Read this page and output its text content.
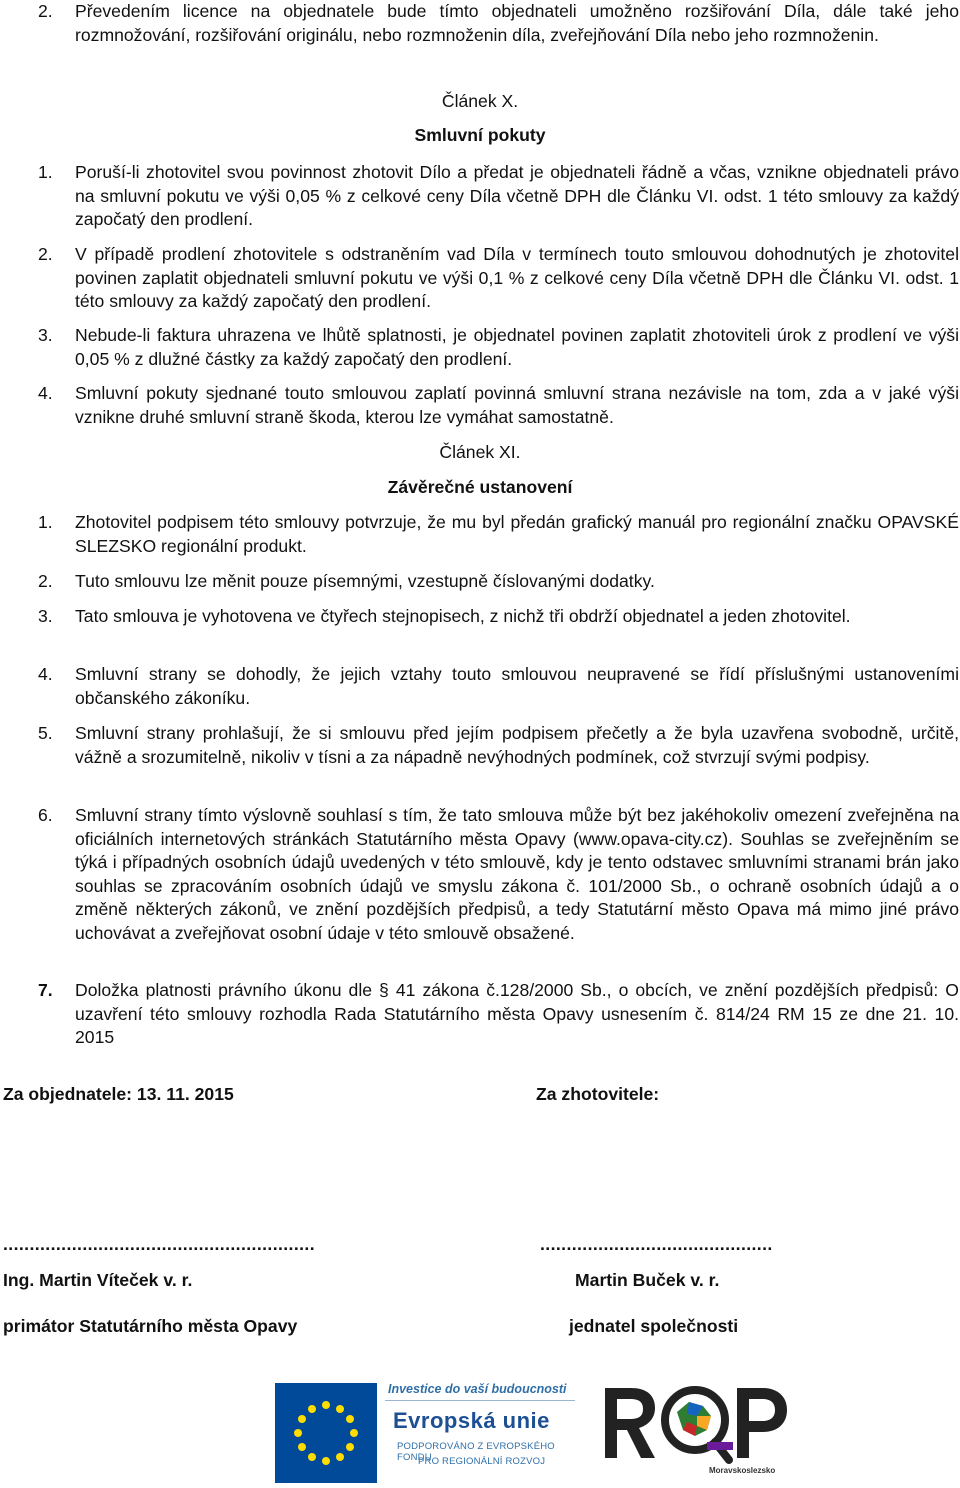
2. Převedením licence na objednatele bude tímto objednateli umožněno rozšiřování Díla, dále také jeho rozmnožování, rozšiřování originálu, nebo rozmnoženin díla, zveřejňování Díla nebo jeho rozmnoženin.
Článek X.
Smluvní pokuty
1. Poruší-li zhotovitel svou povinnost zhotovit Dílo a předat je objednateli řádně a včas, vznikne objednateli právo na smluvní pokutu ve výši 0,05 % z celkové ceny Díla včetně DPH dle Článku VI. odst. 1 této smlouvy za každý započatý den prodlení.
2. V případě prodlení zhotovitele s odstraněním vad Díla v termínech touto smlouvou dohodnutých je zhotovitel povinen zaplatit objednateli smluvní pokutu ve výši 0,1 % z celkové ceny Díla včetně DPH dle Článku VI. odst. 1 této smlouvy za každý započatý den prodlení.
3. Nebude-li faktura uhrazena ve lhůtě splatnosti, je objednatel povinen zaplatit zhotoviteli úrok z prodlení ve výši 0,05 % z dlužné částky za každý započatý den prodlení.
4. Smluvní pokuty sjednané touto smlouvou zaplatí povinná smluvní strana nezávisle na tom, zda a v jaké výši vznikne druhé smluvní straně škoda, kterou lze vymáhat samostatně.
Článek XI.
Závěrečné ustanovení
1. Zhotovitel podpisem této smlouvy potvrzuje, že mu byl předán grafický manuál pro regionální značku OPAVSKÉ SLEZSKO regionální produkt.
2. Tuto smlouvu lze měnit pouze písemnými, vzestupně číslovanými dodatky.
3. Tato smlouva je vyhotovena ve čtyřech stejnopisech, z nichž tři obdrží objednatel a jeden zhotovitel.
4. Smluvní strany se dohodly, že jejich vztahy touto smlouvou neupravené se řídí příslušnými ustanoveními občanského zákoníku.
5. Smluvní strany prohlašují, že si smlouvu před jejím podpisem přečetly a že byla uzavřena svobodně, určitě, vážně a srozumitelně, nikoliv v tísni a za nápadně nevýhodných podmínek, což stvrzují svými podpisy.
6. Smluvní strany tímto výslovně souhlasí s tím, že tato smlouva může být bez jakéhokoliv omezení zveřejněna na oficiálních internetových stránkách Statutárního města Opavy (www.opava-city.cz). Souhlas se zveřejněním se týká i případných osobních údajů uvedených v této smlouvě, kdy je tento odstavec smluvními stranami brán jako souhlas se zpracováním osobních údajů ve smyslu zákona č. 101/2000 Sb., o ochraně osobních údajů a o změně některých zákonů, ve znění pozdějších předpisů, a tedy Statutární město Opava má mimo jiné právo uchovávat a zveřejňovat osobní údaje v této smlouvě obsažené.
7. Doložka platnosti právního úkonu dle § 41 zákona č.128/2000 Sb., o obcích, ve znění pozdějších předpisů: O uzavření této smlouvy rozhodla Rada Statutárního města Opavy usnesením č. 814/24 RM 15 ze dne 21. 10. 2015
Za objednatele: 13. 11. 2015	Za zhotovitele:
...........................................................	............................................
Ing. Martin Víteček v. r.	Martin Buček v. r.
primátor Statutárního města Opavy	jednatel společnosti
Investice do vaší budoucnosti
Evropská unie
PODPOROVÁNO Z EVROPSKÉHO FONDU
PRO REGIONÁLNÍ ROZVOJ
Moravskoslezsko
